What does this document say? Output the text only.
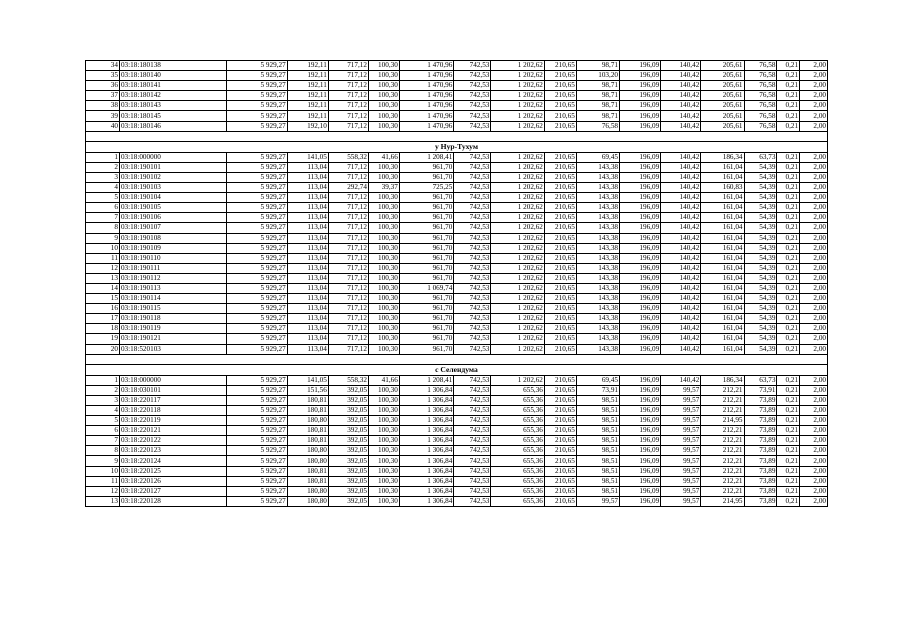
34	03:18:180138	5 929,27	192,11	717,12	100,30	1 470,96	742,53	1 202,62	210,65	98,71	196,09	140,42	205,61	76,58	0,21	2,00
35	03:18:180140	5 929,27	192,11	717,12	100,30	1 470,96	742,53	1 202,62	210,65	103,20	196,09	140,42	205,61	76,58	0,21	2,00
36	03:18:180141	5 929,27	192,11	717,12	100,30	1 470,96	742,53	1 202,62	210,65	98,71	196,09	140,42	205,61	76,58	0,21	2,00
37	03:18:180142	5 929,27	192,11	717,12	100,30	1 470,96	742,53	1 202,62	210,65	98,71	196,09	140,42	205,61	76,58	0,21	2,00
38	03:18:180143	5 929,27	192,11	717,12	100,30	1 470,96	742,53	1 202,62	210,65	98,71	196,09	140,42	205,61	76,58	0,21	2,00
39	03:18:180145	5 929,27	192,11	717,12	100,30	1 470,96	742,53	1 202,62	210,65	98,71	196,09	140,42	205,61	76,58	0,21	2,00
40	03:18:180146	5 929,27	192,10	717,12	100,30	1 470,96	742,53	1 202,62	210,65	76,58	196,09	140,42	205,61	76,58	0,21	2,00

у Нур-Тухум																
1	03:18:000000	5 929,27	141,05	558,32	41,66	1 208,41	742,53	1 202,62	210,65	69,45	196,09	140,42	186,34	63,73	0,21	2,00
2	03:18:190101	5 929,27	113,04	717,12	100,30	961,70	742,53	1 202,62	210,65	143,38	196,09	140,42	161,04	54,39	0,21	2,00
3	03:18:190102	5 929,27	113,04	717,12	100,30	961,70	742,53	1 202,62	210,65	143,38	196,09	140,42	161,04	54,39	0,21	2,00
4	03:18:190103	5 929,27	113,04	292,74	39,37	725,25	742,53	1 202,62	210,65	143,38	196,09	140,42	160,83	54,39	0,21	2,00
5	03:18:190104	5 929,27	113,04	717,12	100,30	961,70	742,53	1 202,62	210,65	143,38	196,09	140,42	161,04	54,39	0,21	2,00
6	03:18:190105	5 929,27	113,04	717,12	100,30	961,70	742,53	1 202,62	210,65	143,38	196,09	140,42	161,04	54,39	0,21	2,00
7	03:18:190106	5 929,27	113,04	717,12	100,30	961,70	742,53	1 202,62	210,65	143,38	196,09	140,42	161,04	54,39	0,21	2,00
8	03:18:190107	5 929,27	113,04	717,12	100,30	961,70	742,53	1 202,62	210,65	143,38	196,09	140,42	161,04	54,39	0,21	2,00
9	03:18:190108	5 929,27	113,04	717,12	100,30	961,70	742,53	1 202,62	210,65	143,38	196,09	140,42	161,04	54,39	0,21	2,00
10	03:18:190109	5 929,27	113,04	717,12	100,30	961,70	742,53	1 202,62	210,65	143,38	196,09	140,42	161,04	54,39	0,21	2,00
11	03:18:190110	5 929,27	113,04	717,12	100,30	961,70	742,53	1 202,62	210,65	143,38	196,09	140,42	161,04	54,39	0,21	2,00
12	03:18:190111	5 929,27	113,04	717,12	100,30	961,70	742,53	1 202,62	210,65	143,38	196,09	140,42	161,04	54,39	0,21	2,00
13	03:18:190112	5 929,27	113,04	717,12	100,30	961,70	742,53	1 202,62	210,65	143,38	196,09	140,42	161,04	54,39	0,21	2,00
14	03:18:190113	5 929,27	113,04	717,12	100,30	1 069,74	742,53	1 202,62	210,65	143,38	196,09	140,42	161,04	54,39	0,21	2,00
15	03:18:190114	5 929,27	113,04	717,12	100,30	961,70	742,53	1 202,62	210,65	143,38	196,09	140,42	161,04	54,39	0,21	2,00
16	03:18:190115	5 929,27	113,04	717,12	100,30	961,70	742,53	1 202,62	210,65	143,38	196,09	140,42	161,04	54,39	0,21	2,00
17	03:18:190118	5 929,27	113,04	717,12	100,30	961,70	742,53	1 202,62	210,65	143,38	196,09	140,42	161,04	54,39	0,21	2,00
18	03:18:190119	5 929,27	113,04	717,12	100,30	961,70	742,53	1 202,62	210,65	143,38	196,09	140,42	161,04	54,39	0,21	2,00
19	03:18:190121	5 929,27	113,04	717,12	100,30	961,70	742,53	1 202,62	210,65	143,38	196,09	140,42	161,04	54,39	0,21	2,00
20	03:18:520103	5 929,27	113,04	717,12	100,30	961,70	742,53	1 202,62	210,65	143,38	196,09	140,42	161,04	54,39	0,21	2,00

с Селендума																
1	03:18:000000	5 929,27	141,05	558,32	41,66	1 208,41	742,53	1 202,62	210,65	69,45	196,09	140,42	186,34	63,73	0,21	2,00
2	03:18:030101	5 929,27	151,56	392,05	100,30	1 306,84	742,53	655,36	210,65	73,91	196,09	99,57	212,21	73,91	0,21	2,00
3	03:18:220117	5 929,27	180,81	392,05	100,30	1 306,84	742,53	655,36	210,65	98,51	196,09	99,57	212,21	73,89	0,21	2,00
4	03:18:220118	5 929,27	180,81	392,05	100,30	1 306,84	742,53	655,36	210,65	98,51	196,09	99,57	212,21	73,89	0,21	2,00
5	03:18:220119	5 929,27	180,80	392,05	100,30	1 306,84	742,53	655,36	210,65	98,51	196,09	99,57	214,95	73,89	0,21	2,00
6	03:18:220121	5 929,27	180,81	392,05	100,30	1 306,84	742,53	655,36	210,65	98,51	196,09	99,57	212,21	73,89	0,21	2,00
7	03:18:220122	5 929,27	180,81	392,05	100,30	1 306,84	742,53	655,36	210,65	98,51	196,09	99,57	212,21	73,89	0,21	2,00
8	03:18:220123	5 929,27	180,80	392,05	100,30	1 306,84	742,53	655,36	210,65	98,51	196,09	99,57	212,21	73,89	0,21	2,00
9	03:18:220124	5 929,27	180,80	392,05	100,30	1 306,84	742,53	655,36	210,65	98,51	196,09	99,57	212,21	73,89	0,21	2,00
10	03:18:220125	5 929,27	180,81	392,05	100,30	1 306,84	742,53	655,36	210,65	98,51	196,09	99,57	212,21	73,89	0,21	2,00
11	03:18:220126	5 929,27	180,81	392,05	100,30	1 306,84	742,53	655,36	210,65	98,51	196,09	99,57	212,21	73,89	0,21	2,00
12	03:18:220127	5 929,27	180,80	392,05	100,30	1 306,84	742,53	655,36	210,65	98,51	196,09	99,57	212,21	73,89	0,21	2,00
13	03:18:220128	5 929,27	180,80	392,05	100,30	1 306,84	742,53	655,36	210,65	99,57	196,09	99,57	214,95	73,89	0,21	2,00
